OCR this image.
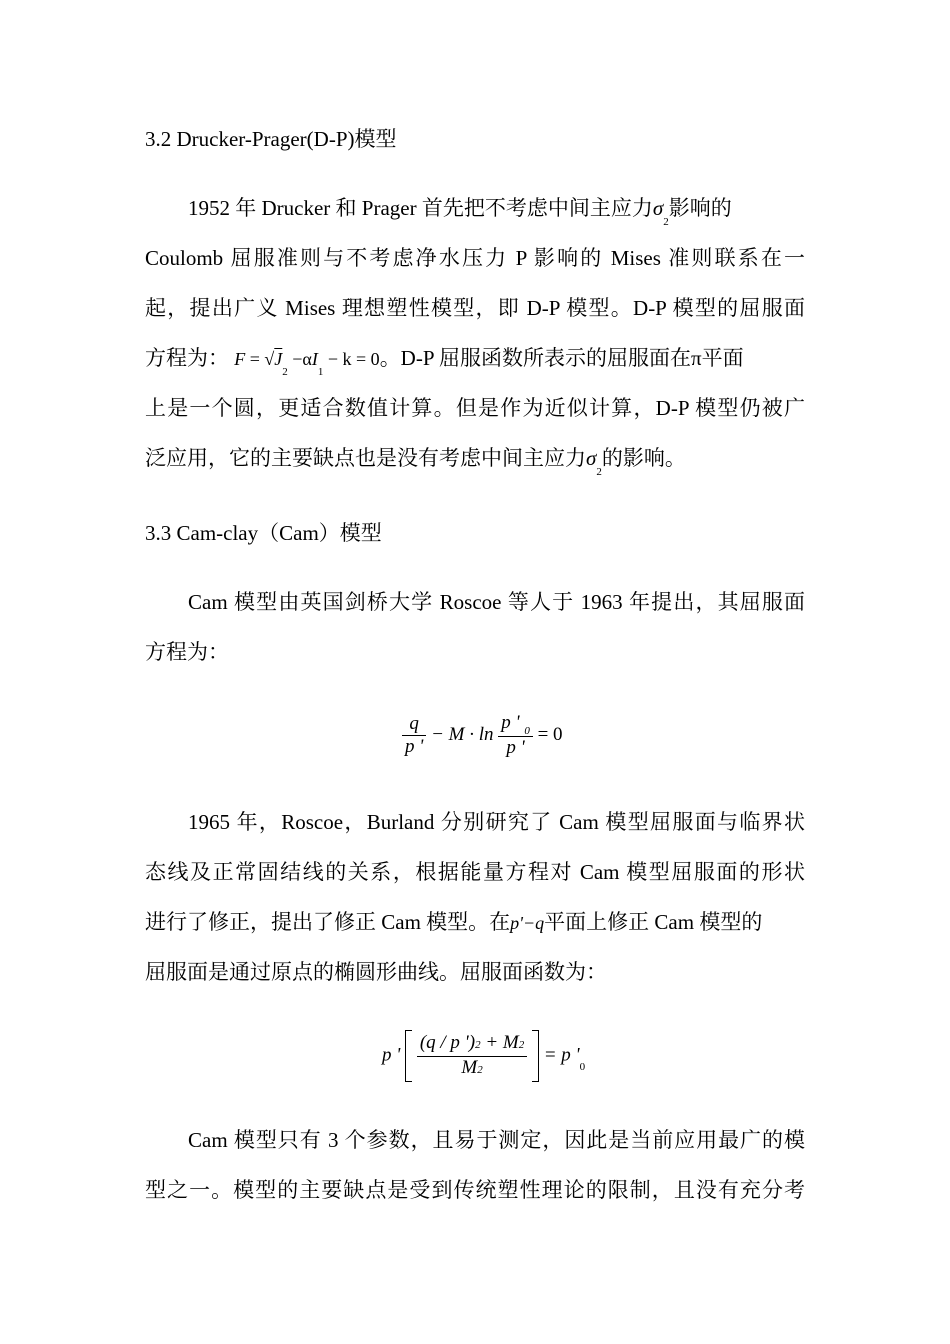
3.2 Drucker-Prager(D-P)模型
1952 年 Drucker 和 Prager 首先把不考虑中间主应力$\sigma_2$影响的
Coulomb 屈服准则与不考虑净水压力 P 影响的 Mises 准则联系在一
起，提出广义 Mises 理想塑性模型，即 D-P 模型。D-P 模型的屈服面
方程为： $F = √J_2 -\alpha I_1 - k = 0$。D-P 屈服函数所表示的屈服面在π平面
上是一个圆，更适合数值计算。但是作为近似计算，D-P 模型仍被广
泛应用，它的主要缺点也是没有考虑中间主应力$\sigma_2$的影响。
3.3 Cam-clay（Cam）模型
Cam 模型由英国剑桥大学 Roscoe 等人于 1963 年提出，其屈服面
方程为：
$\frac{q}{p '} - M \cdot \ln \frac{p ' _0}{p '} = 0$
1965 年，Roscoe，Burland 分别研究了 Cam 模型屈服面与临界状
态线及正常固结线的关系，根据能量方程对 Cam 模型屈服面的形状
进行了修正，提出了修正 Cam 模型。在p'−q平面上修正 Cam 模型的
屈服面是通过原点的椭圆形曲线。屈服面函数为：
p ' $\frac{(q / p ')2 + M2}{M2} = p$ '$_0$
Cam 模型只有 3 个参数，且易于测定，因此是当前应用最广的模
型之一。模型的主要缺点是受到传统塑性理论的限制，且没有充分考
